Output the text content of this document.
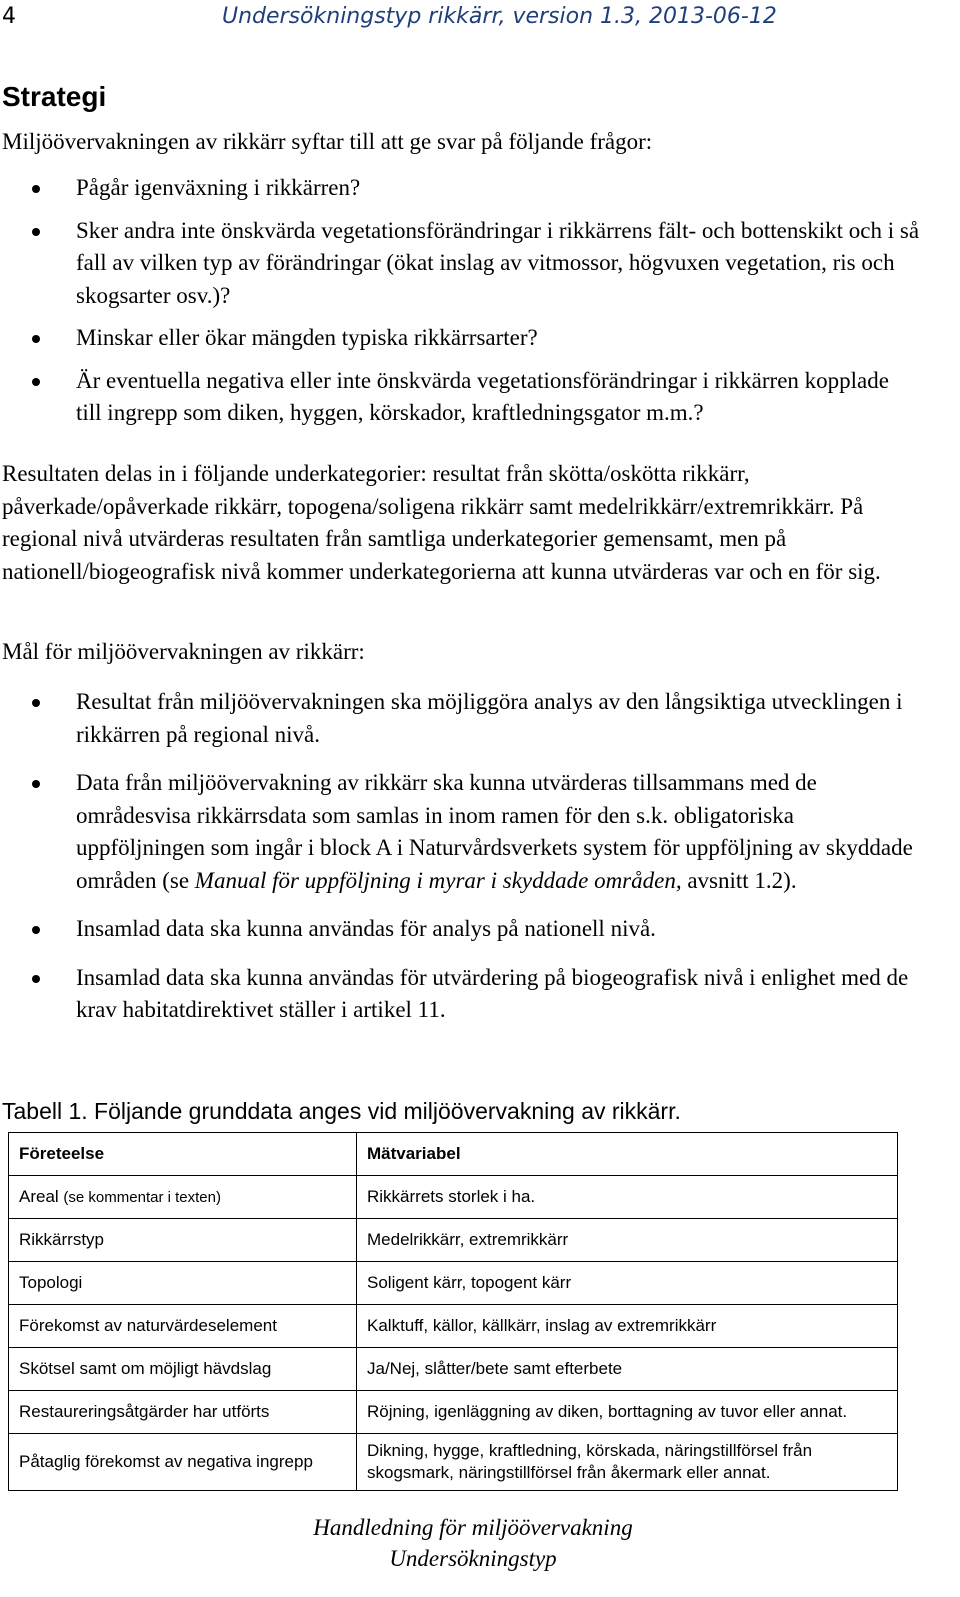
4	Undersökningstyp rikkärr, version 1.3, 2013-06-12
Strategi

Miljöövervakningen av rikkärr syftar till att ge svar på följande frågor:

Pågår igenväxning i rikkärren?
Sker andra inte önskvärda vegetationsförändringar i rikkärrens fält- och bottenskikt och i så fall av vilken typ av förändringar (ökat inslag av vitmossor, högvuxen vegetation, ris och skogsarter osv.)?
Minskar eller ökar mängden typiska rikkärrsarter?
Är eventuella negativa eller inte önskvärda vegetationsförändringar i rikkärren kopplade till ingrepp som diken, hyggen, körskador, kraftledningsgator m.m.?

Resultaten delas in i följande underkategorier: resultat från skötta/oskötta rikkärr, påverkade/opåverkade rikkärr, topogena/soligena rikkärr samt medelrikkärr/extremrikkärr. På regional nivå utvärderas resultaten från samtliga underkategorier gemensamt, men på nationell/biogeografisk nivå kommer underkategorierna att kunna utvärderas var och en för sig.

Mål för miljöövervakningen av rikkärr:

Resultat från miljöövervakningen ska möjliggöra analys av den långsiktiga utvecklingen i rikkärren på regional nivå.
Data från miljöövervakning av rikkärr ska kunna utvärderas tillsammans med de områdesvisa rikkärrsdata som samlas in inom ramen för den s.k. obligatoriska uppföljningen som ingår i block A i Naturvårdsverkets system för uppföljning av skyddade områden (se Manual för uppföljning i myrar i skyddade områden, avsnitt 1.2).
Insamlad data ska kunna användas för analys på nationell nivå.
Insamlad data ska kunna användas för utvärdering på biogeografisk nivå i enlighet med de krav habitatdirektivet ställer i artikel 11.

Tabell 1. Följande grunddata anges vid miljöövervakning av rikkärr.

Företeelse	Mätvariabel
Areal (se kommentar i texten)	Rikkärrets storlek i ha.
Rikkärrstyp	Medelrikkärr, extremrikkärr
Topologi	Soligent kärr, topogent kärr
Förekomst av naturvärdeselement	Kalktuff, källor, källkärr, inslag av extremrikkärr
Skötsel samt om möjligt hävdslag	Ja/Nej, slåtter/bete samt efterbete
Restaureringsåtgärder har utförts	Röjning, igenläggning av diken, borttagning av tuvor eller annat.
Påtaglig förekomst av negativa ingrepp	Dikning, hygge, kraftledning, körskada, näringstillförsel från skogsmark, näringstillförsel från åkermark eller annat.
Handledning för miljöövervakning
Undersökningstyp
